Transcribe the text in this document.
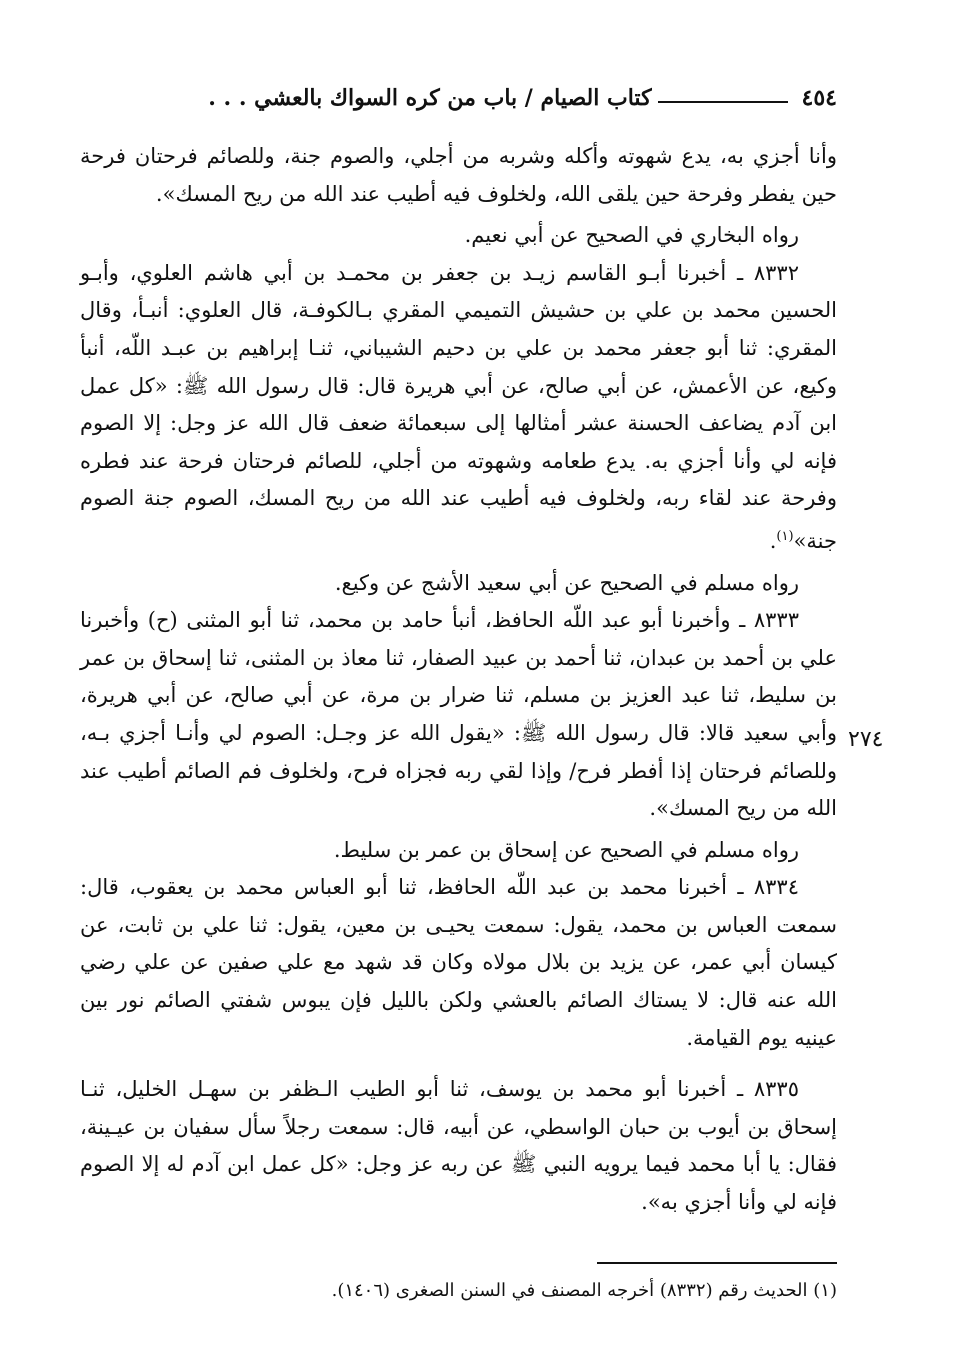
٤٥٤
كتاب الصيام / باب من كره السواك بالعشي . . .

وأنا أجزي به، يدع شهوته وأكله وشربه من أجلي، والصوم جنة، وللصائم فرحتان فرحة حين يفطر وفرحة حين يلقى الله، ولخلوف فيه أطيب عند الله من ريح المسك».

رواه البخاري في الصحيح عن أبي نعيم.

٨٣٣٢ ـ أخبرنا أبـو القاسم زيـد بن جعفر بن محمـد بن أبي هاشم العلوي، وأبـو الحسين محمد بن علي بن حشيش التميمي المقري بـالكوفـة، قال العلوي: أنبـأ، وقال المقري: ثنا أبو جعفر محمد بن علي بن دحيم الشيباني، ثنـا إبراهيم بن عبـد اللّه، أنبأ وكيع، عن الأعمش، عن أبي صالح، عن أبي هريرة قال: قال رسول الله ﷺ: «كل عمل ابن آدم يضاعف الحسنة عشر أمثالها إلى سبعمائة ضعف قال الله عز وجل: إلا الصوم فإنه لي وأنا أجزي به. يدع طعامه وشهوته من أجلي، للصائم فرحتان فرحة عند فطره وفرحة عند لقاء ربه، ولخلوف فيه أطيب عند الله من ريح المسك، الصوم جنة الصوم جنة»$^{(١)}$.

رواه مسلم في الصحيح عن أبي سعيد الأشج عن وكيع.

٨٣٣٣ ـ وأخبرنا أبو عبد اللّه الحافظ، أنبأ حامد بن محمد، ثنا أبو المثنى (ح) وأخبرنا علي بن أحمد بن عبدان، ثنا أحمد بن عبيد الصفار، ثنا معاذ بن المثنى، ثنا إسحاق بن عمر بن سليط، ثنا عبد العزيز بن مسلم، ثنا ضرار بن مرة، عن أبي صالح، عن أبي هريرة، وأبي سعيد قالا: قال رسول الله ﷺ: «يقول الله عز وجـل: الصوم لي وأنـا أجزي بـه، وللصائم فرحتان إذا أفطر فرح/ وإذا لقي ربه فجزاه فرح، ولخلوف فم الصائم أطيب عند الله من ريح المسك».

رواه مسلم في الصحيح عن إسحاق بن عمر بن سليط.

٨٣٣٤ ـ أخبرنا محمد بن عبد اللّه الحافظ، ثنا أبو العباس محمد بن يعقوب، قال: سمعت العباس بن محمد، يقول: سمعت يحيـى بن معين، يقول: ثنا علي بن ثابت، عن كيسان أبي عمر، عن يزيد بن بلال مولاه وكان قد شهد مع علي صفين عن علي رضي الله عنه قال: لا يستاك الصائم بالعشي ولكن بالليل فإن يبوس شفتي الصائم نور بين عينيه يوم القيامة.

٨٣٣٥ ـ أخبرنا أبو محمد بن يوسف، ثنا أبو الطيب الـظفر بن سهـل الخليل، ثنـا إسحاق بن أيوب بن حبان الواسطي، عن أبيه، قال: سمعت رجلاً سأل سفيان بن عيـينة، فقال: يا أبا محمد فيما يرويه النبي ﷺ عن ربه عز وجل: «كل عمل ابن آدم له إلا الصوم فإنه لي وأنا أجزي به».

٢٧٤
(١) الحديث رقم (٨٣٣٢) أخرجه المصنف في السنن الصغرى (١٤٠٦).
